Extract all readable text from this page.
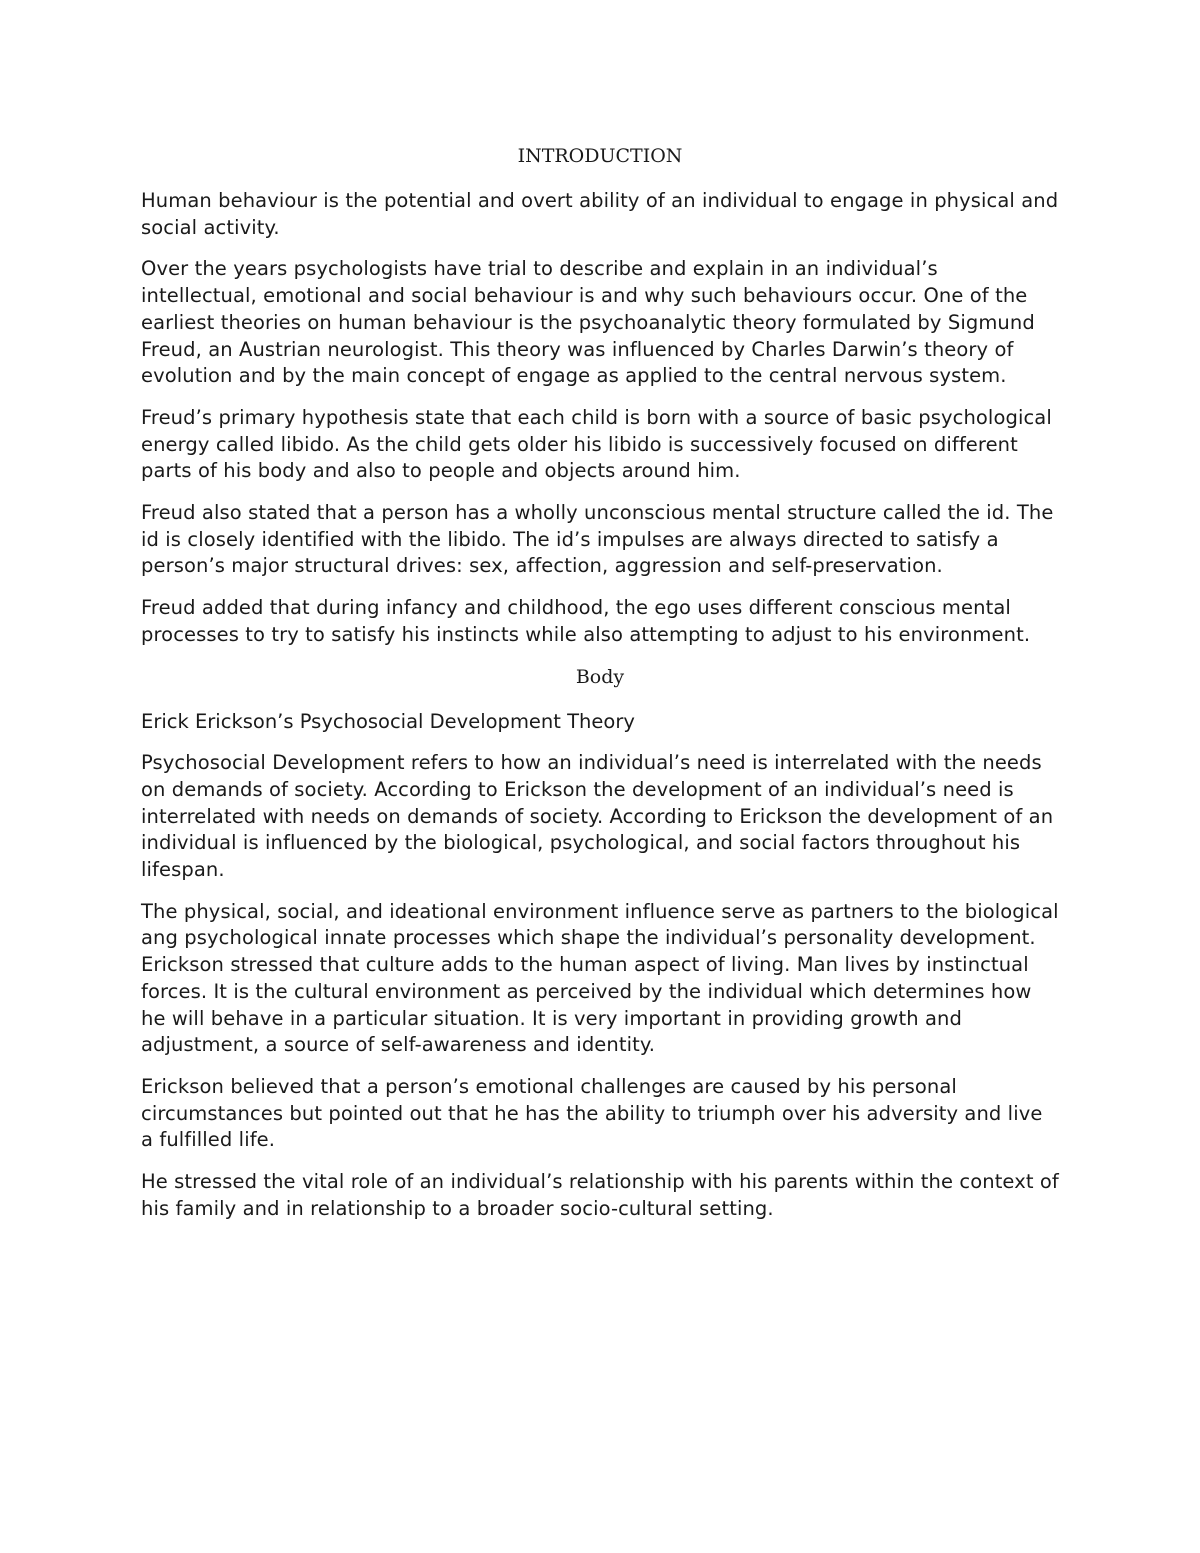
INTRODUCTION

Human behaviour is the potential and overt ability of an individual to engage in physical and social activity.

Over the years psychologists have trial to describe and explain in an individual’s intellectual, emotional and social behaviour is and why such behaviours occur. One of the earliest theories on human behaviour is the psychoanalytic theory formulated by Sigmund Freud, an Austrian neurologist. This theory was influenced by Charles Darwin’s theory of evolution and by the main concept of engage as applied to the central nervous system.

Freud’s primary hypothesis state that each child is born with a source of basic psychological energy called libido. As the child gets older his libido is successively focused on different parts of his body and also to people and objects around him.

Freud also stated that a person has a wholly unconscious mental structure called the id. The id is closely identified with the libido. The id’s impulses are always directed to satisfy a person’s major structural drives: sex, affection, aggression and self-preservation.

Freud added that during infancy and childhood, the ego uses different conscious mental processes to try to satisfy his instincts while also attempting to adjust to his environment.

Body

Erick Erickson’s Psychosocial Development Theory

Psychosocial Development refers to how an individual’s need is interrelated with the needs on demands of society. According to Erickson the development of an individual’s need is interrelated with needs on demands of society. According to Erickson the development of an individual is influenced by the biological, psychological, and social factors throughout his lifespan.

The physical, social, and ideational environment influence serve as partners to the biological ang psychological innate processes which shape the individual’s personality development. Erickson stressed that culture adds to the human aspect of living. Man lives by instinctual forces. It is the cultural environment as perceived by the individual which determines how he will behave in a particular situation. It is very important in providing growth and adjustment, a source of self-awareness and identity.

Erickson believed that a person’s emotional challenges are caused by his personal circumstances but pointed out that he has the ability to triumph over his adversity and live a fulfilled life.

He stressed the vital role of an individual’s relationship with his parents within the context of his family and in relationship to a broader socio-cultural setting.
